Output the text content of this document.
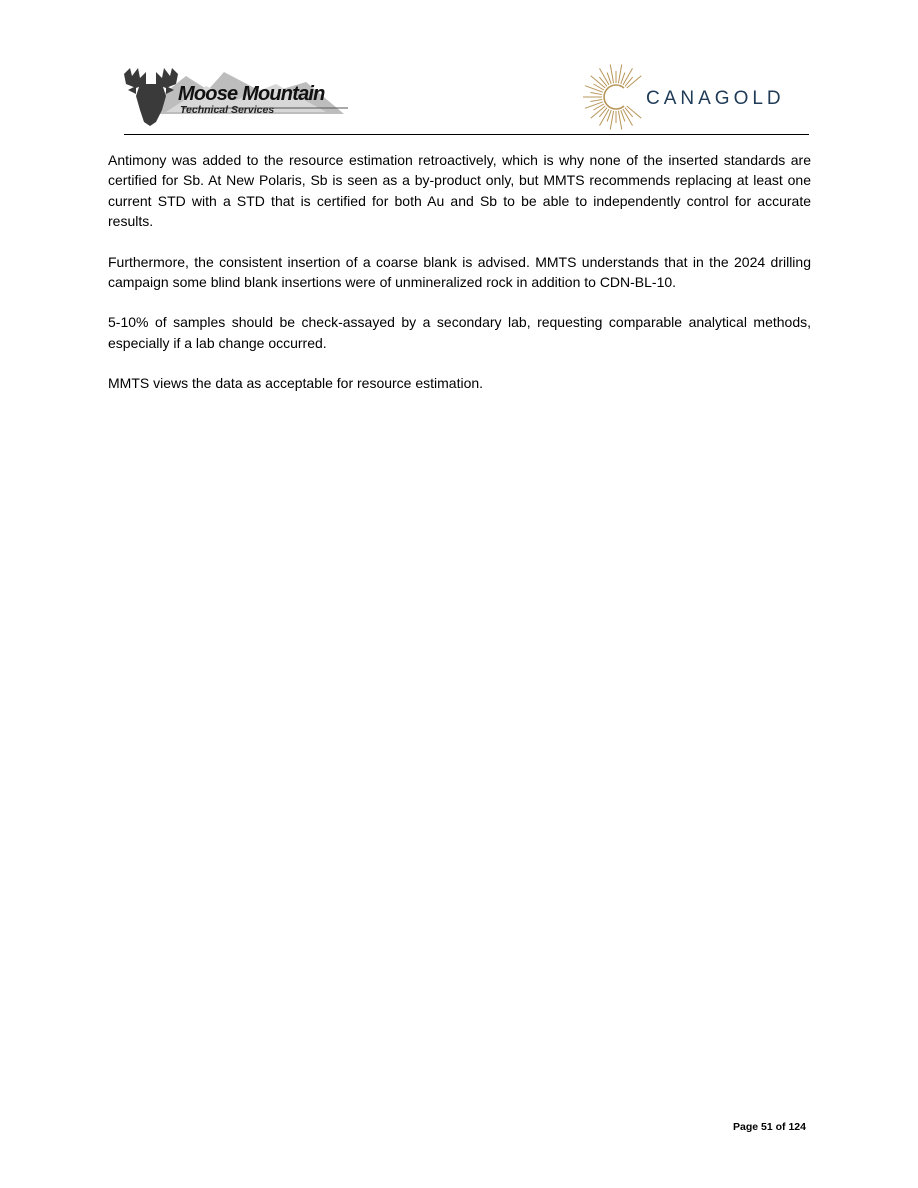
Moose Mountain
Technical Services
CANAGOLD

Antimony was added to the resource estimation retroactively, which is why none of the inserted standards are certified for Sb. At New Polaris, Sb is seen as a by-product only, but MMTS recommends replacing at least one current STD with a STD that is certified for both Au and Sb to be able to independently control for accurate results.

Furthermore, the consistent insertion of a coarse blank is advised. MMTS understands that in the 2024 drilling campaign some blind blank insertions were of unmineralized rock in addition to CDN-BL-10.

5-10% of samples should be check-assayed by a secondary lab, requesting comparable analytical methods, especially if a lab change occurred.

MMTS views the data as acceptable for resource estimation.

Page 51 of 124
